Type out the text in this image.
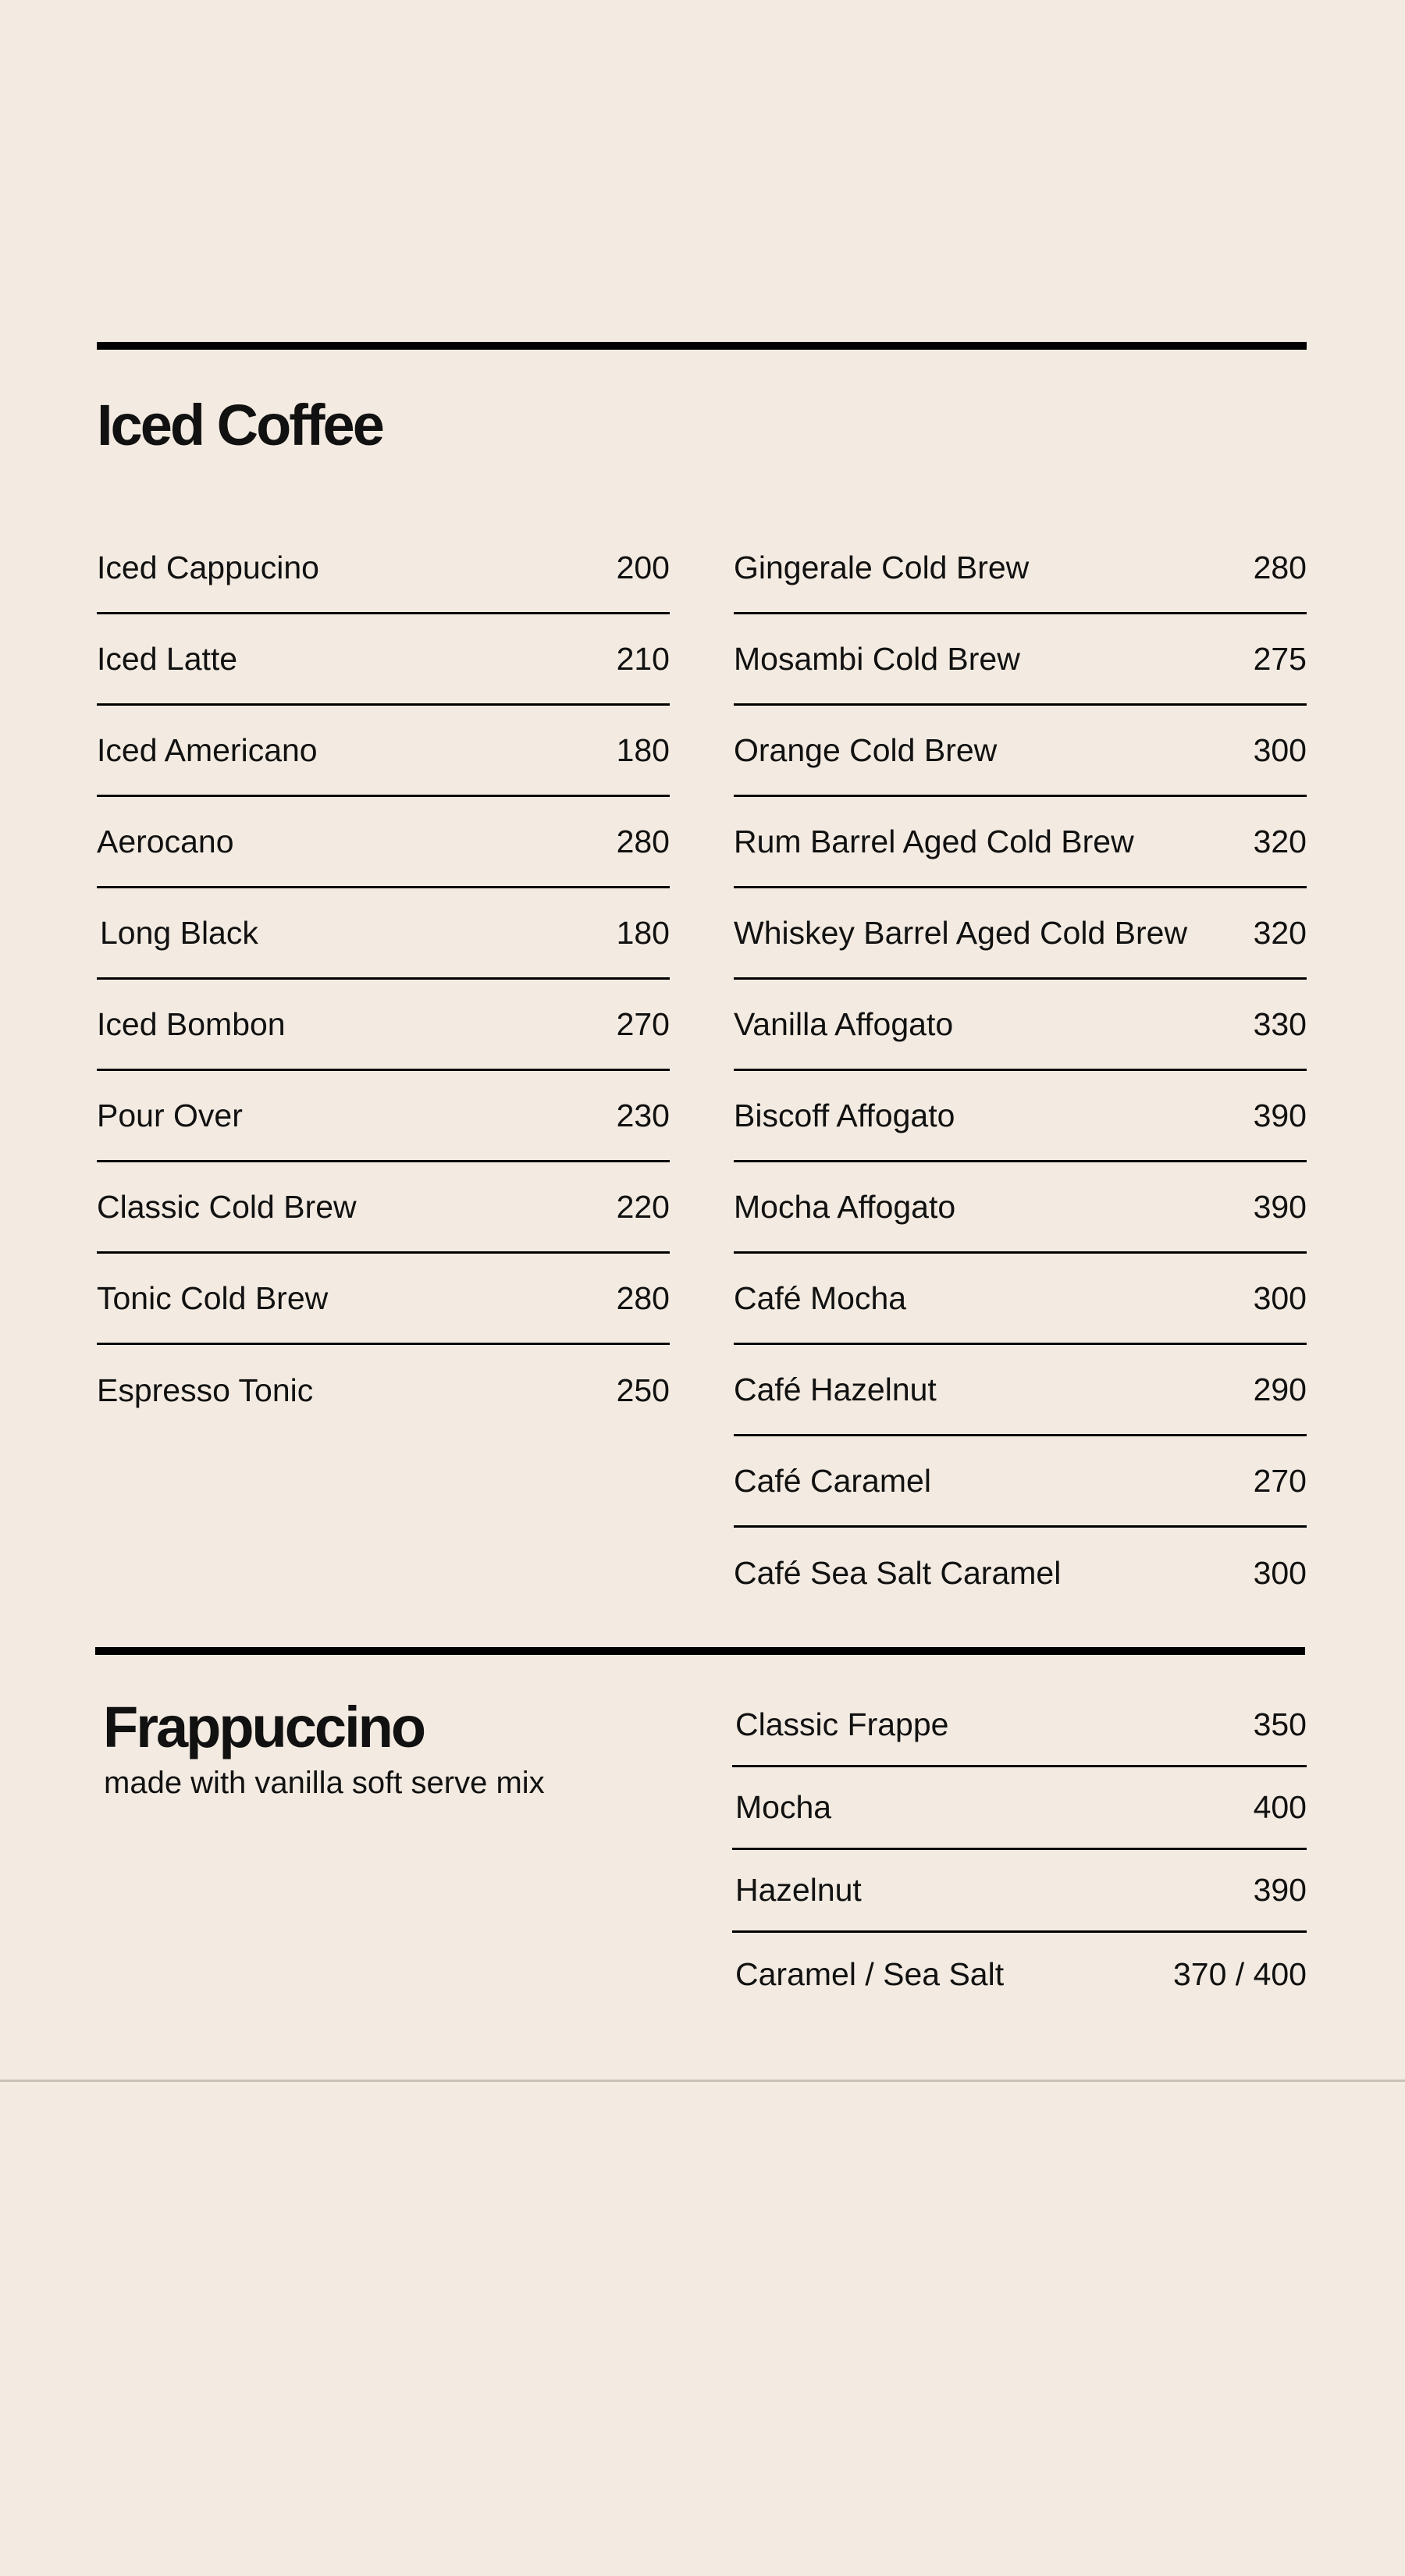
Iced Coffee
Iced Cappucino	200
Iced Latte	210
Iced Americano	180
Aerocano	280
Long Black	180
Iced Bombon	270
Pour Over	230
Classic Cold Brew	220
Tonic Cold Brew	280
Espresso Tonic	250
Gingerale Cold Brew	280
Mosambi Cold Brew	275
Orange Cold Brew	300
Rum Barrel Aged Cold Brew	320
Whiskey Barrel Aged Cold Brew 320
Vanilla Affogato	330
Biscoff Affogato	390
Mocha Affogato	390
Café Mocha	300
Café Hazelnut	290
Café Caramel	270
Café Sea Salt Caramel	300
Frappuccino

made with vanilla soft serve mix

Classic Frappe	350
Mocha	400
Hazelnut	390
Caramel / Sea Salt	370 / 400
